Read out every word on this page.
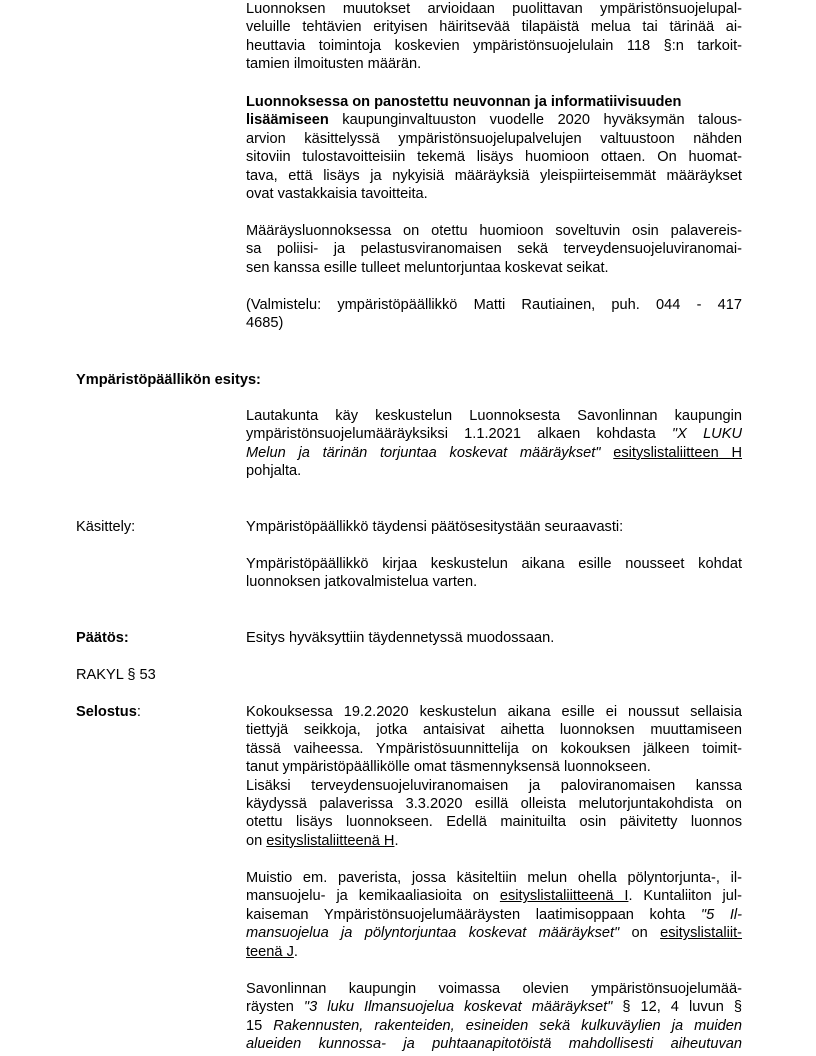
Luonnoksen muutokset arvioidaan puolittavan ympäristönsuojelupal-
veluille tehtävien erityisen häiritsevää tilapäistä melua tai tärinää ai-
heuttavia toimintoja koskevien ympäristönsuojelulain 118 §:n tarkoit-
tamien ilmoitusten määrän.
Luonnoksessa on panostettu neuvonnan ja informatiivisuuden
lisäämiseen kaupunginvaltuuston vuodelle 2020 hyväksymän talous-
arvion käsittelyssä ympäristönsuojelupalvelujen valtuustoon nähden
sitoviin tulostavoitteisiin tekemä lisäys huomioon ottaen. On huomat-
tava, että lisäys ja nykyisiä määräyksiä yleispiirteisemmät määräykset
ovat vastakkaisia tavoitteita.
Määräysluonnoksessa on otettu huomioon soveltuvin osin palavereis-
sa poliisi- ja pelastusviranomaisen sekä terveydensuojeluviranomai-
sen kanssa esille tulleet meluntorjuntaa koskevat seikat.
(Valmistelu: ympäristöpäällikkö Matti Rautiainen, puh. 044 - 417
4685)
Ympäristöpäällikön esitys:
Lautakunta käy keskustelun Luonnoksesta Savonlinnan kaupungin
ympäristönsuojelumääräyksiksi 1.1.2021 alkaen kohdasta "X LUKU
Melun ja tärinän torjuntaa koskevat määräykset" esityslistaliitteen H
pohjalta.
Käsittely:	Ympäristöpäällikkö täydensi päätösesitystään seuraavasti:
Ympäristöpäällikkö kirjaa keskustelun aikana esille nousseet kohdat
luonnoksen jatkovalmistelua varten.
Päätös:	Esitys hyväksyttiin täydennetyssä muodossaan.
RAKYL § 53
Selostus:	Kokouksessa 19.2.2020 keskustelun aikana esille ei noussut sellaisia
tiettyjä seikkoja, jotka antaisivat aihetta luonnoksen muuttamiseen
tässä vaiheessa. Ympäristösuunnittelija on kokouksen jälkeen toimit-
tanut ympäristöpäällikölle omat täsmennyksensä luonnokseen.
Lisäksi terveydensuojeluviranomaisen ja paloviranomaisen kanssa
käydyssä palaverissa 3.3.2020 esillä olleista melutorjuntakohdista on
otettu lisäys luonnokseen. Edellä mainituilta osin päivitetty luonnos
on esityslistaliitteenä H.
Muistio em. paverista, jossa käsiteltiin melun ohella pölyntorjunta-, il-
mansuojelu- ja kemikaaliasioita on esityslistaliitteenä I. Kuntaliiton jul-
kaiseman Ympäristönsuojelumääräysten laatimisoppaan kohta "5 Il-
mansuojelua ja pölyntorjuntaa koskevat määräykset" on esityslistaliit-
teenä J.
Savonlinnan kaupungin voimassa olevien ympäristönsuojelumää-
räysten "3 luku Ilmansuojelua koskevat määräykset" § 12, 4 luvun §
15 Rakennusten, rakenteiden, esineiden sekä kulkuväylien ja muiden
alueiden kunnossa- ja puhtaanapitotöistä mahdollisesti aiheutuvan
